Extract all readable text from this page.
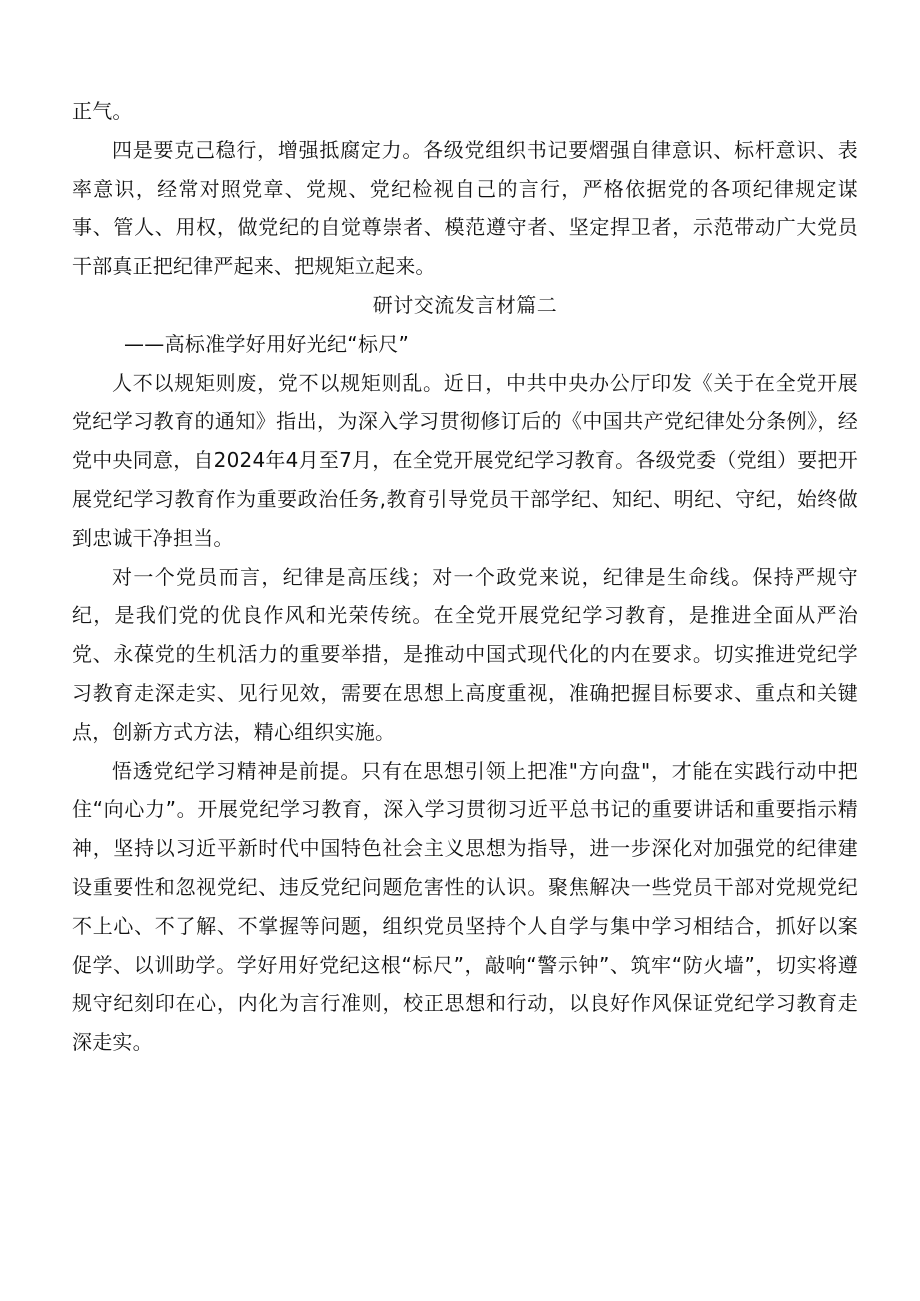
正气。

四是要克己稳行，增强抵腐定力。各级党组织书记要熠强自律意识、标杆意识、表率意识，经常对照党章、党规、党纪检视自己的言行，严格依据党的各项纪律规定谋事、管人、用权，做党纪的自觉尊崇者、模范遵守者、坚定捍卫者，示范带动广大党员干部真正把纪律严起来、把规矩立起来。

研讨交流发言材篇二

——高标准学好用好光纪“标尺”

人不以规矩则废，党不以规矩则乱。近日，中共中央办公厅印发《关于在全党开展党纪学习教育的通知》指出，为深入学习贯彻修订后的《中国共产党纪律处分条例》，经党中央同意，自2024年4月至7月，在全党开展党纪学习教育。各级党委（党组）要把开展党纪学习教育作为重要政治任务,教育引导党员干部学纪、知纪、明纪、守纪，始终做到忠诚干净担当。

对一个党员而言，纪律是高压线；对一个政党来说，纪律是生命线。保持严规守纪，是我们党的优良作风和光荣传统。在全党开展党纪学习教育，是推进全面从严治党、永葆党的生机活力的重要举措，是推动中国式现代化的内在要求。切实推进党纪学习教育走深走实、见行见效，需要在思想上高度重视，准确把握目标要求、重点和关键点，创新方式方法，精心组织实施。

悟透党纪学习精神是前提。只有在思想引领上把准"方向盘"，才能在实践行动中把住“向心力”。开展党纪学习教育，深入学习贯彻习近平总书记的重要讲话和重要指示精神，坚持以习近平新时代中国特色社会主义思想为指导，进一步深化对加强党的纪律建设重要性和忽视党纪、违反党纪问题危害性的认识。聚焦解决一些党员干部对党规党纪不上心、不了解、不掌握等问题，组织党员坚持个人自学与集中学习相结合，抓好以案促学、以训助学。学好用好党纪这根“标尺”，敲响“警示钟”、筑牢“防火墙”，切实将遵规守纪刻印在心，内化为言行准则，校正思想和行动，以良好作风保证党纪学习教育走深走实。
